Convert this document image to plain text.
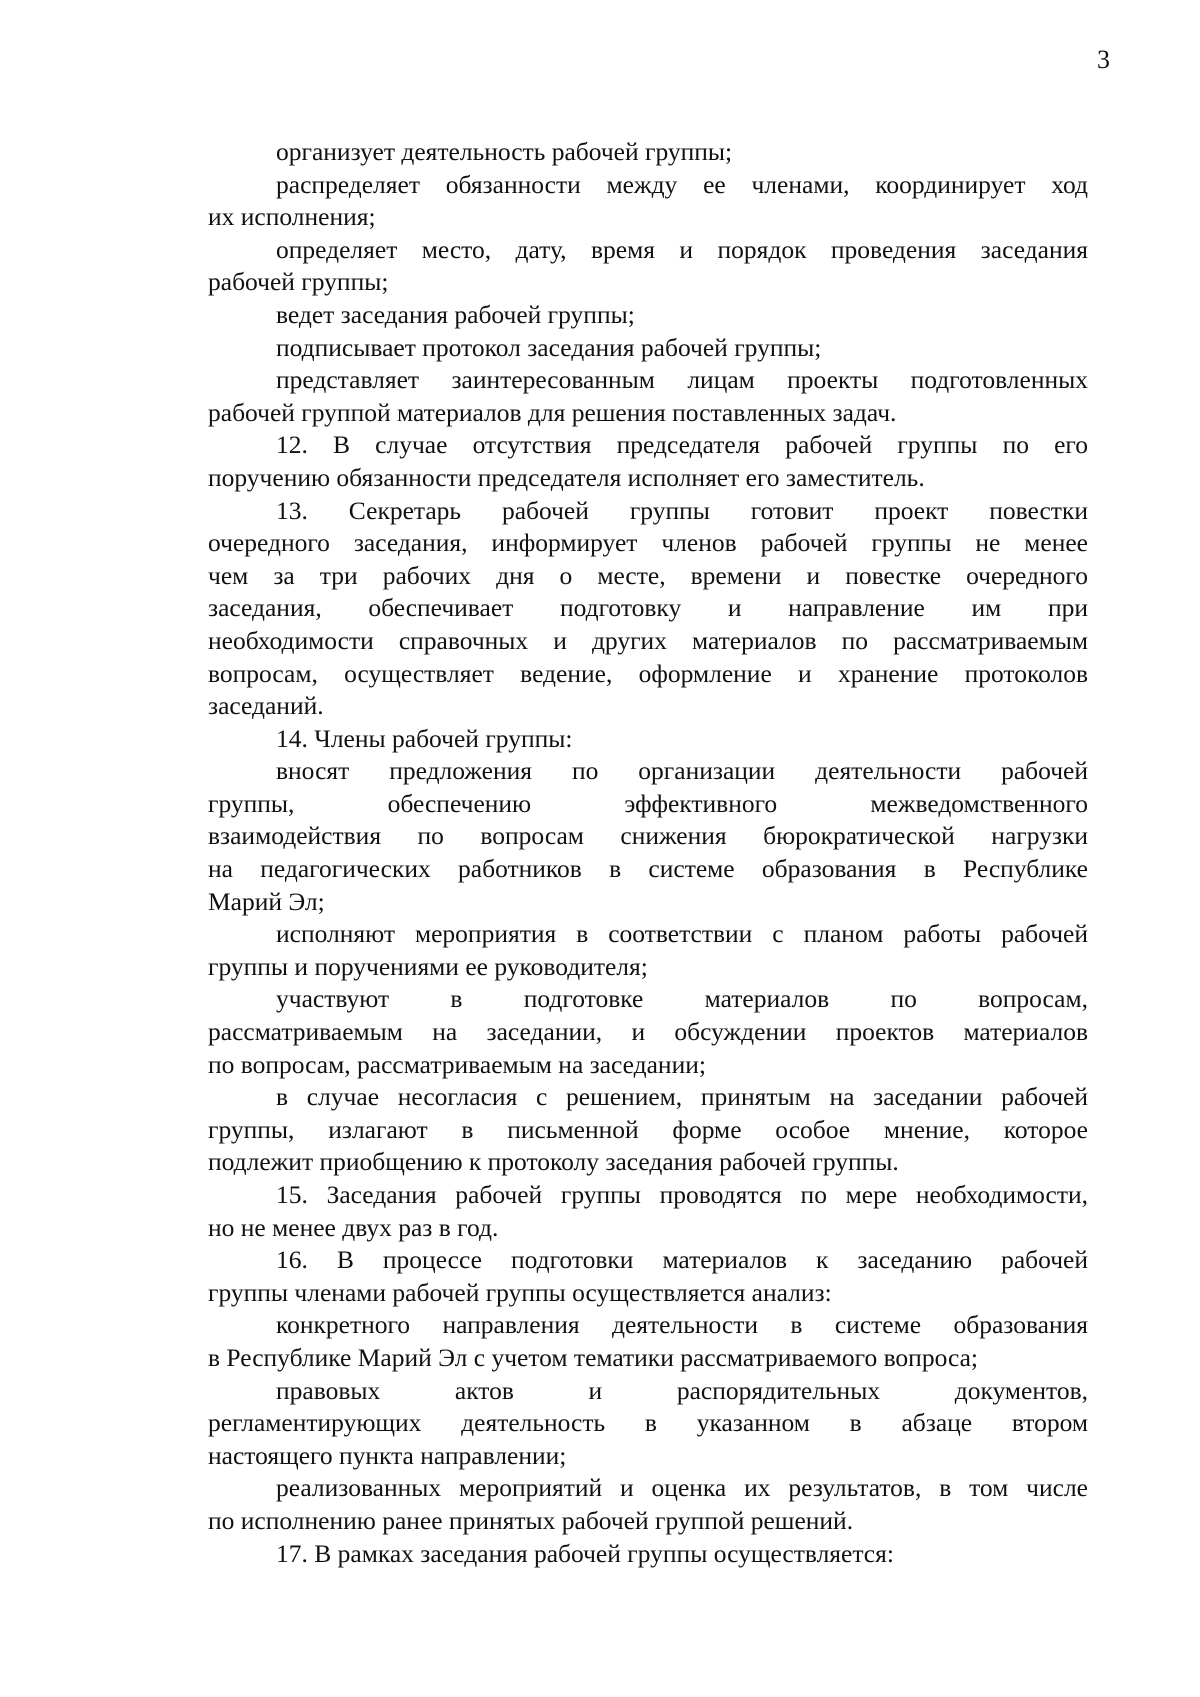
3
организует деятельность рабочей группы;
распределяет обязанности между ее членами, координирует ход
их исполнения;
определяет место, дату, время и порядок проведения заседания
рабочей группы;
ведет заседания рабочей группы;
подписывает протокол заседания рабочей группы;
представляет заинтересованным лицам проекты подготовленных
рабочей группой материалов для решения поставленных задач.
12. В случае отсутствия председателя рабочей группы по его
поручению обязанности председателя исполняет его заместитель.
13. Секретарь рабочей группы готовит проект повестки
очередного заседания, информирует членов рабочей группы не менее
чем за три рабочих дня о месте, времени и повестке очередного
заседания, обеспечивает подготовку и направление им при
необходимости справочных и других материалов по рассматриваемым
вопросам, осуществляет ведение, оформление и хранение протоколов
заседаний.
14. Члены рабочей группы:
вносят предложения по организации деятельности рабочей
группы, обеспечению эффективного межведомственного
взаимодействия по вопросам снижения бюрократической нагрузки
на педагогических работников в системе образования в Республике
Марий Эл;
исполняют мероприятия в соответствии с планом работы рабочей
группы и поручениями ее руководителя;
участвуют в подготовке материалов по вопросам,
рассматриваемым на заседании, и обсуждении проектов материалов
по вопросам, рассматриваемым на заседании;
в случае несогласия с решением, принятым на заседании рабочей
группы, излагают в письменной форме особое мнение, которое
подлежит приобщению к протоколу заседания рабочей группы.
15. Заседания рабочей группы проводятся по мере необходимости,
но не менее двух раз в год.
16. В процессе подготовки материалов к заседанию рабочей
группы членами рабочей группы осуществляется анализ:
конкретного направления деятельности в системе образования
в Республике Марий Эл с учетом тематики рассматриваемого вопроса;
правовых актов и распорядительных документов,
регламентирующих деятельность в указанном в абзаце втором
настоящего пункта направлении;
реализованных мероприятий и оценка их результатов, в том числе
по исполнению ранее принятых рабочей группой решений.
17. В рамках заседания рабочей группы осуществляется:
